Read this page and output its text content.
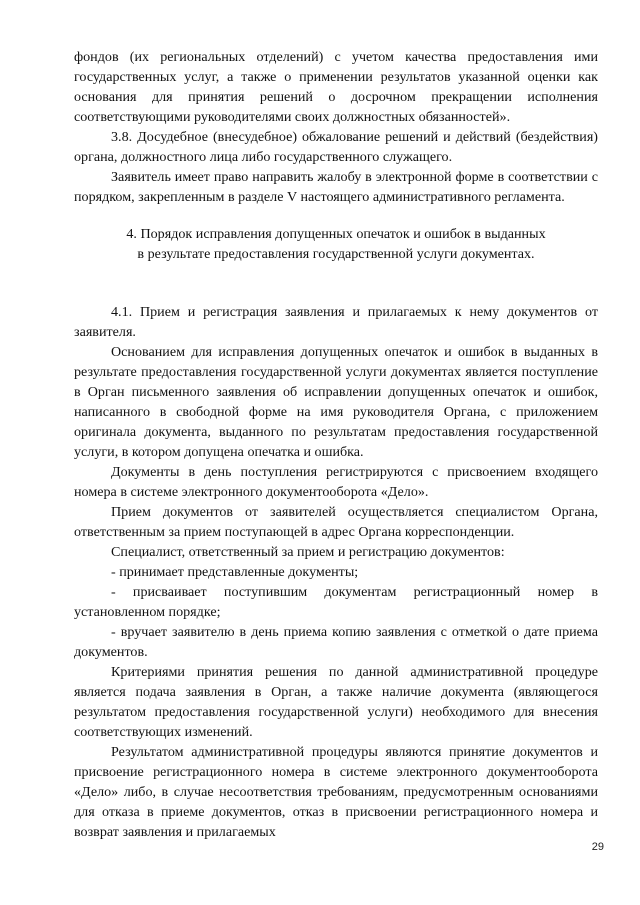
фондов (их региональных отделений) с учетом качества предоставления ими государственных услуг, а также о применении результатов указанной оценки как основания для принятия решений о досрочном прекращении исполнения соответствующими руководителями своих должностных обязанностей».

3.8. Досудебное (внесудебное) обжалование решений и действий (бездействия) органа, должностного лица либо государственного служащего.

Заявитель имеет право направить жалобу в электронной форме в соответствии с порядком, закрепленным в разделе V настоящего административного регламента.

4. Порядок исправления допущенных опечаток и ошибок в выданных

в результате предоставления государственной услуги документах.

4.1. Прием и регистрация заявления и прилагаемых к нему документов от заявителя.

Основанием для исправления допущенных опечаток и ошибок в выданных в результате предоставления государственной услуги документах является поступление в Орган письменного заявления об исправлении допущенных опечаток и ошибок, написанного в свободной форме на имя руководителя Органа, с приложением оригинала документа, выданного по результатам предоставления государственной услуги, в котором допущена опечатка и ошибка.

Документы в день поступления регистрируются с присвоением входящего номера в системе электронного документооборота «Дело».

Прием документов от заявителей осуществляется специалистом Органа, ответственным за прием поступающей в адрес Органа корреспонденции.

Специалист, ответственный за прием и регистрацию документов:

- принимает представленные документы;

- присваивает поступившим документам регистрационный номер в установленном порядке;

- вручает заявителю в день приема копию заявления с отметкой о дате приема документов.

Критериями принятия решения по данной административной процедуре является подача заявления в Орган, а также наличие документа (являющегося результатом предоставления государственной услуги) необходимого для внесения соответствующих изменений.

Результатом административной процедуры являются принятие документов и присвоение регистрационного номера в системе электронного документооборота «Дело» либо, в случае несоответствия требованиям, предусмотренным основаниями для отказа в приеме документов, отказ в присвоении регистрационного номера и возврат заявления и прилагаемых

29
